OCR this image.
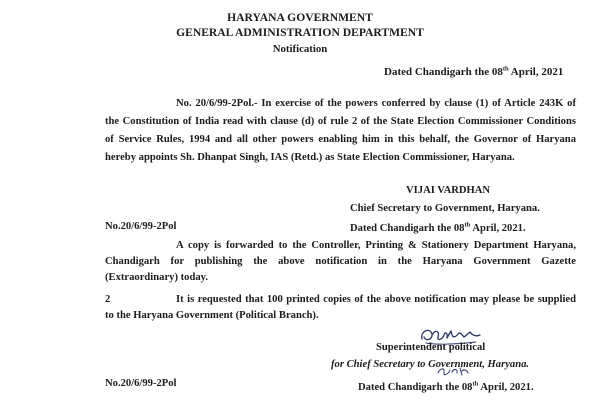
HARYANA GOVERNMENT
GENERAL ADMINISTRATION DEPARTMENT
Notification
Dated Chandigarh the 08th April, 2021
No. 20/6/99-2Pol.- In exercise of the powers conferred by clause (1) of Article 243K of
the Constitution of India read with clause (d) of rule 2 of the State Election Commissioner Conditions
of Service Rules, 1994 and all other powers enabling him in this behalf, the Governor of Haryana
hereby appoints Sh. Dhanpat Singh, IAS (Retd.) as State Election Commissioner, Haryana.
VIJAI VARDHAN
Chief Secretary to Government, Haryana.
No.20/6/99-2Pol	Dated Chandigarh the 08th April, 2021.
A copy is forwarded to the Controller, Printing & Stationery Department Haryana,
Chandigarh for publishing the above notification in the Haryana Government Gazette
(Extraordinary) today.
2	It is requested that 100 printed copies of the above notification may please be supplied
to the Haryana Government (Political Branch).
Superintendent political
for Chief Secretary to Government, Haryana.
No.20/6/99-2Pol	Dated Chandigarh the 08th April, 2021.
